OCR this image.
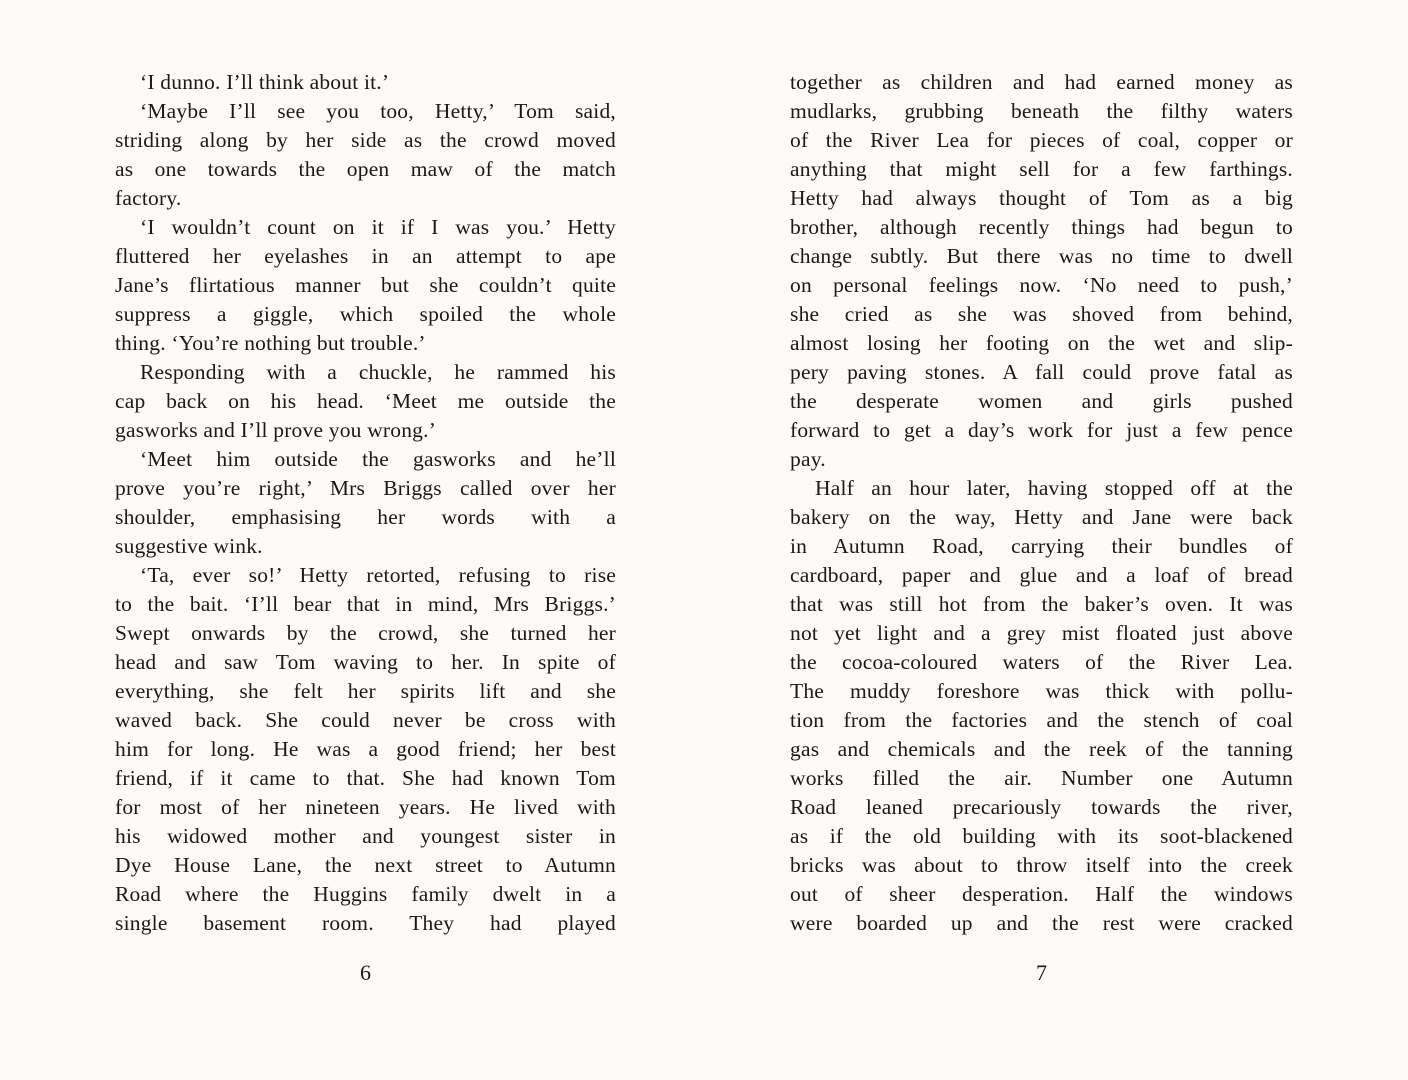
‘I dunno. I’ll think about it.’
‘Maybe I’ll see you too, Hetty,’ Tom said,
striding along by her side as the crowd moved
as one towards the open maw of the match
factory.
‘I wouldn’t count on it if I was you.’ Hetty
fluttered her eyelashes in an attempt to ape
Jane’s flirtatious manner but she couldn’t quite
suppress a giggle, which spoiled the whole
thing. ‘You’re nothing but trouble.’
Responding with a chuckle, he rammed his
cap back on his head. ‘Meet me outside the
gasworks and I’ll prove you wrong.’
‘Meet him outside the gasworks and he’ll
prove you’re right,’ Mrs Briggs called over her
shoulder, emphasising her words with a
suggestive wink.
‘Ta, ever so!’ Hetty retorted, refusing to rise
to the bait. ‘I’ll bear that in mind, Mrs Briggs.’
Swept onwards by the crowd, she turned her
head and saw Tom waving to her. In spite of
everything, she felt her spirits lift and she
waved back. She could never be cross with
him for long. He was a good friend; her best
friend, if it came to that. She had known Tom
for most of her nineteen years. He lived with
his widowed mother and youngest sister in
Dye House Lane, the next street to Autumn
Road where the Huggins family dwelt in a
single basement room. They had played
together as children and had earned money as
mudlarks, grubbing beneath the filthy waters
of the River Lea for pieces of coal, copper or
anything that might sell for a few farthings.
Hetty had always thought of Tom as a big
brother, although recently things had begun to
change subtly. But there was no time to dwell
on personal feelings now. ‘No need to push,’
she cried as she was shoved from behind,
almost losing her footing on the wet and slip-
pery paving stones. A fall could prove fatal as
the desperate women and girls pushed
forward to get a day’s work for just a few pence
pay.
Half an hour later, having stopped off at the
bakery on the way, Hetty and Jane were back
in Autumn Road, carrying their bundles of
cardboard, paper and glue and a loaf of bread
that was still hot from the baker’s oven. It was
not yet light and a grey mist floated just above
the cocoa-coloured waters of the River Lea.
The muddy foreshore was thick with pollu-
tion from the factories and the stench of coal
gas and chemicals and the reek of the tanning
works filled the air. Number one Autumn
Road leaned precariously towards the river,
as if the old building with its soot-blackened
bricks was about to throw itself into the creek
out of sheer desperation. Half the windows
were boarded up and the rest were cracked
6	7
